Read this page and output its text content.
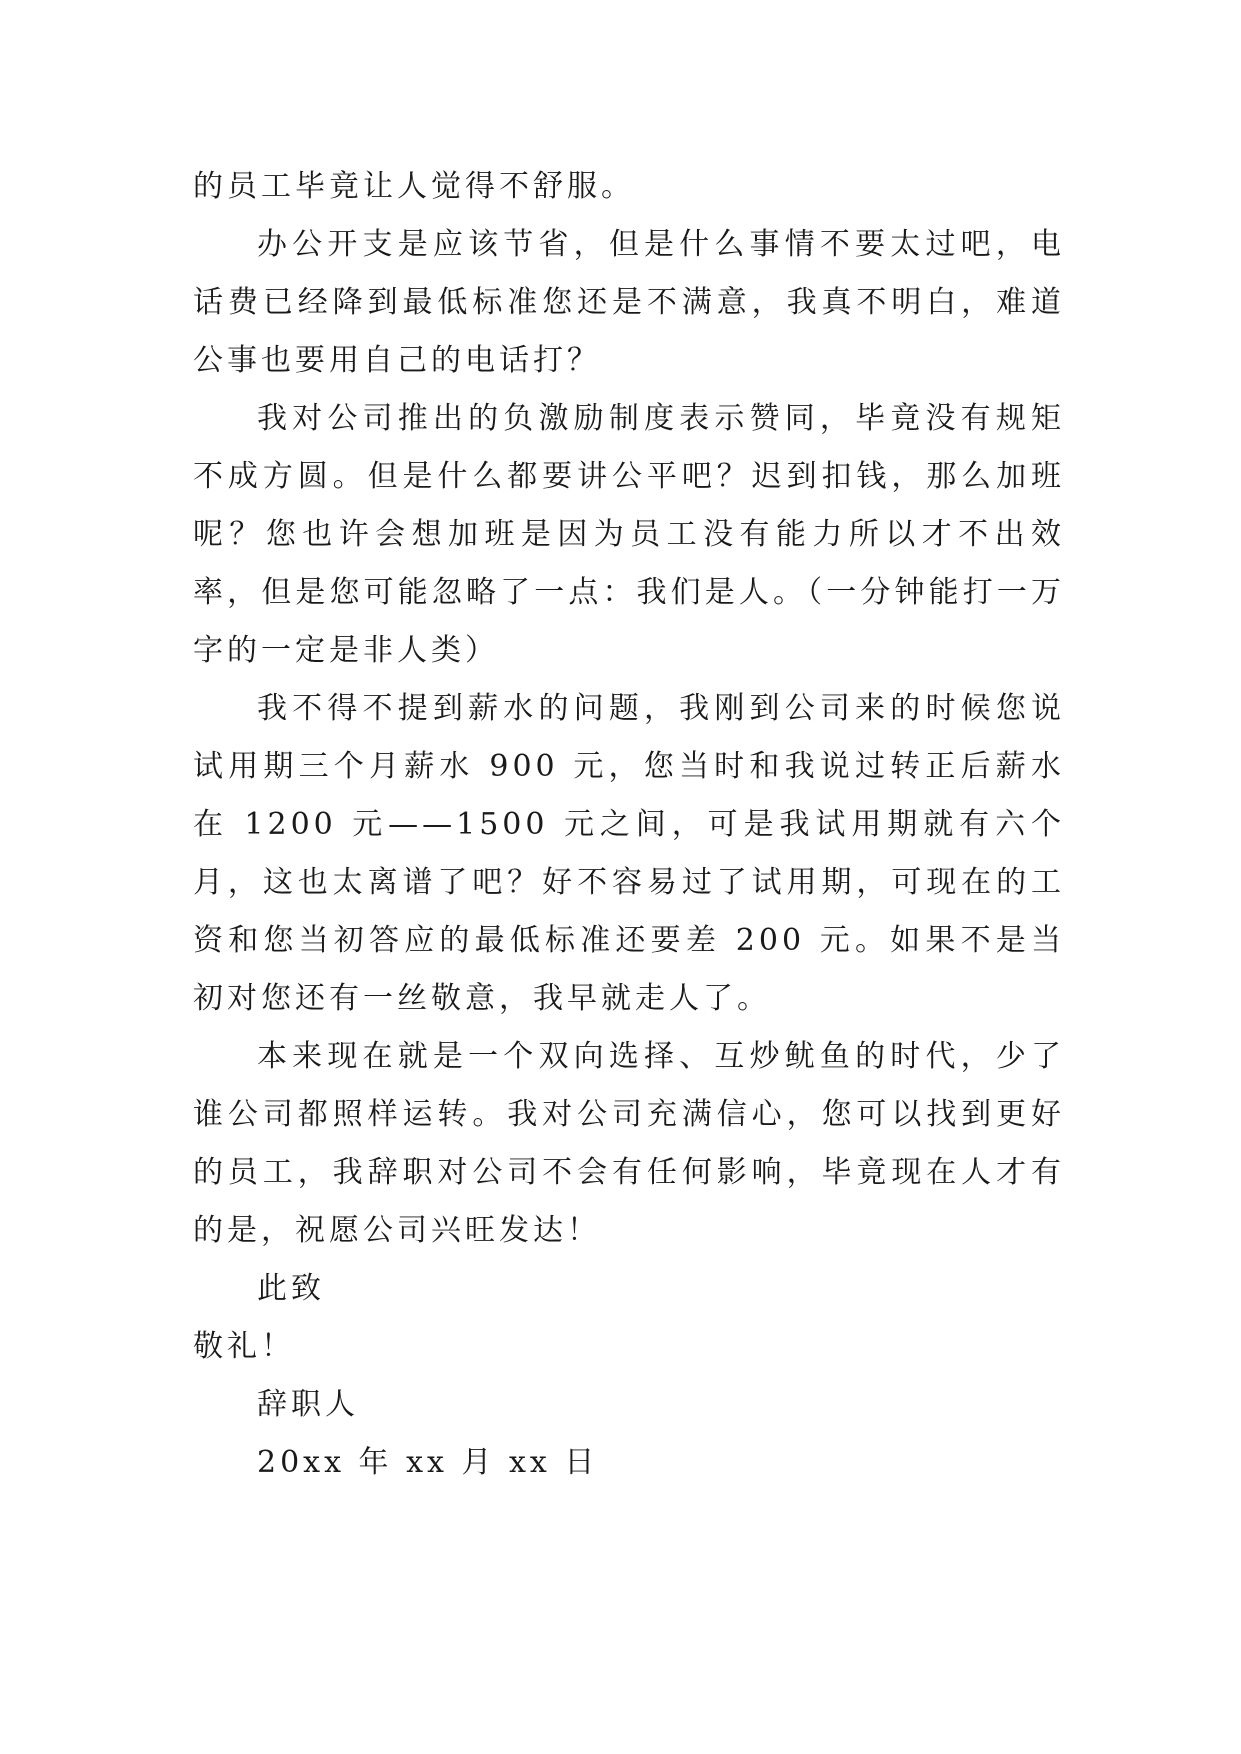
的员工毕竟让人觉得不舒服。

办公开支是应该节省，但是什么事情不要太过吧，电话费已经降到最低标准您还是不满意，我真不明白，难道公事也要用自己的电话打？

我对公司推出的负激励制度表示赞同，毕竟没有规矩不成方圆。但是什么都要讲公平吧？迟到扣钱，那么加班呢？您也许会想加班是因为员工没有能力所以才不出效率，但是您可能忽略了一点：我们是人。（一分钟能打一万字的一定是非人类）

我不得不提到薪水的问题，我刚到公司来的时候您说试用期三个月薪水 900 元，您当时和我说过转正后薪水在 1200 元——1500 元之间，可是我试用期就有六个月，这也太离谱了吧？好不容易过了试用期，可现在的工资和您当初答应的最低标准还要差 200 元。如果不是当初对您还有一丝敬意，我早就走人了。

本来现在就是一个双向选择、互炒鱿鱼的时代，少了谁公司都照样运转。我对公司充满信心，您可以找到更好的员工，我辞职对公司不会有任何影响，毕竟现在人才有的是，祝愿公司兴旺发达！

此致

敬礼！

辞职人

20xx 年 xx 月 xx 日
